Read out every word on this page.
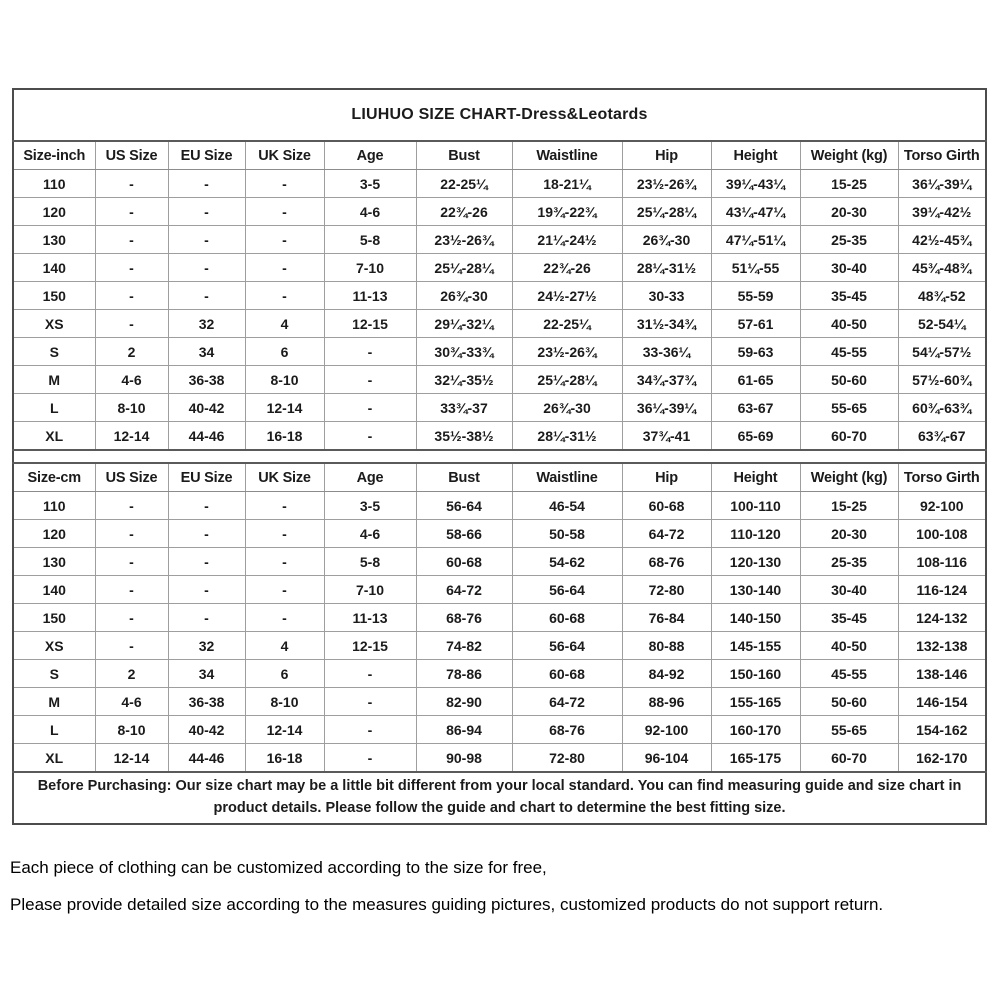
LIUHUO SIZE CHART-Dress&Leotards										
Size-inch	US Size	EU Size	UK Size	Age	Bust	Waistline	Hip	Height	Weight (kg)	Torso Girth
110	-	-	-	3-5	22-25¼	18-21¼	23½-26¾	39¼-43¼	15-25	36¼-39¼
120	-	-	-	4-6	22¾-26	19¾-22¾	25¼-28¼	43¼-47¼	20-30	39¼-42½
130	-	-	-	5-8	23½-26¾	21¼-24½	26¾-30	47¼-51¼	25-35	42½-45¾
140	-	-	-	7-10	25¼-28¼	22¾-26	28¼-31½	51¼-55	30-40	45¾-48¾
150	-	-	-	11-13	26¾-30	24½-27½	30-33	55-59	35-45	48¾-52
XS	-	32	4	12-15	29¼-32¼	22-25¼	31½-34¾	57-61	40-50	52-54¼
S	2	34	6	-	30¾-33¾	23½-26¾	33-36¼	59-63	45-55	54¼-57½
M	4-6	36-38	8-10	-	32¼-35½	25¼-28¼	34¾-37¾	61-65	50-60	57½-60¾
L	8-10	40-42	12-14	-	33¾-37	26¾-30	36¼-39¼	63-67	55-65	60¾-63¾
XL	12-14	44-46	16-18	-	35½-38½	28¼-31½	37¾-41	65-69	60-70	63¾-67

Size-cm	US Size	EU Size	UK Size	Age	Bust	Waistline	Hip	Height	Weight (kg)	Torso Girth
110	-	-	-	3-5	56-64	46-54	60-68	100-110	15-25	92-100
120	-	-	-	4-6	58-66	50-58	64-72	110-120	20-30	100-108
130	-	-	-	5-8	60-68	54-62	68-76	120-130	25-35	108-116
140	-	-	-	7-10	64-72	56-64	72-80	130-140	30-40	116-124
150	-	-	-	11-13	68-76	60-68	76-84	140-150	35-45	124-132
XS	-	32	4	12-15	74-82	56-64	80-88	145-155	40-50	132-138
S	2	34	6	-	78-86	60-68	84-92	150-160	45-55	138-146
M	4-6	36-38	8-10	-	82-90	64-72	88-96	155-165	50-60	146-154
L	8-10	40-42	12-14	-	86-94	68-76	92-100	160-170	55-65	154-162
XL	12-14	44-46	16-18	-	90-98	72-80	96-104	165-175	60-70	162-170
Before Purchasing: Our size chart may be a little bit different from your local standard. You can find measuring guide and size chart in product details. Please follow the guide and chart to determine the best fitting size.										
Each piece of clothing can be customized according to the size for free,
Please provide detailed size according to the measures guiding pictures, customized products do not support return.
